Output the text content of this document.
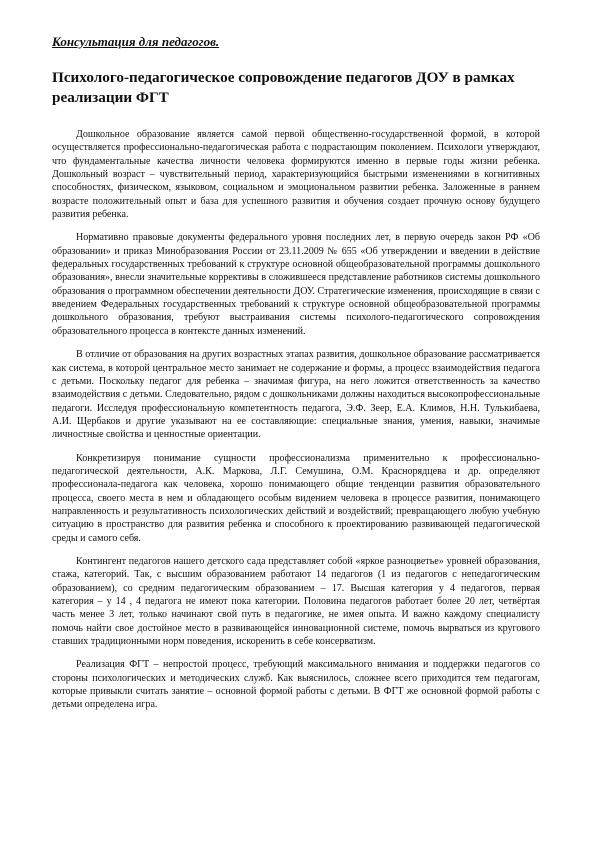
Консультация для педагогов.

Психолого-педагогическое сопровождение педагогов ДОУ в рамках реализации ФГТ

Дошкольное образование является самой первой общественно-государственной формой, в которой осуществляется профессионально-педагогическая работа с подрастающим поколением. Психологи утверждают, что фундаментальные качества личности человека формируются именно в первые годы жизни ребенка. Дошкольный возраст – чувствительный период, характеризующийся быстрыми изменениями в когнитивных способностях, физическом, языковом, социальном и эмоциональном развитии ребенка. Заложенные в раннем возрасте положительный опыт и база для успешного развития и обучения создает прочную основу будущего развития ребенка.

Нормативно правовые документы федерального уровня последних лет, в первую очередь закон РФ «Об образовании» и приказ Минобразования России от 23.11.2009 № 655 «Об утверждении и введении в действие федеральных государственных требований к структуре основной общеобразовательной программы дошкольного образования», внесли значительные коррективы в сложившееся представление работников системы дошкольного образования о программном обеспечении деятельности ДОУ. Стратегические изменения, происходящие в связи с введением Федеральных государственных требований к структуре основной общеобразовательной программы дошкольного образования, требуют выстраивания системы психолого-педагогического сопровождения образовательного процесса в контексте данных изменений.

В отличие от образования на других возрастных этапах развития, дошкольное образование рассматривается как система, в которой центральное место занимает не содержание и формы, а процесс взаимодействия педагога с детьми. Поскольку педагог для ребенка – значимая фигура, на него ложится ответственность за качество взаимодействия с детьми. Следовательно, рядом с дошкольниками должны находиться высокопрофессиональные педагоги. Исследуя профессиональную компетентность педагога, Э.Ф. Зеер, Е.А. Климов, Н.Н. Тулькибаева, А.И. Щербаков и другие указывают на ее составляющие: специальные знания, умения, навыки, значимые личностные свойства и ценностные ориентации.

Конкретизируя понимание сущности профессионализма применительно к профессионально-педагогической деятельности, А.К. Маркова, Л.Г. Семушина, О.М. Краснорядцева и др. определяют профессионала-педагога как человека, хорошо понимающего общие тенденции развития образовательного процесса, своего места в нем и обладающего особым видением человека в процессе развития, понимающего направленность и результативность психологических действий и воздействий; превращающего любую учебную ситуацию в пространство для развития ребенка и способного к проектированию развивающей педагогической среды и самого себя.

Контингент педагогов нашего детского сада представляет собой «яркое разноцветье» уровней образования, стажа, категорий. Так, с высшим образованием работают 14 педагогов (1 из педагогов с непедагогическим образованием), со средним педагогическим образованием – 17. Высшая категория у 4 педагогов, первая категория – у 14 , 4 педагога не имеют пока категории. Половина педагогов работает более 20 лет, четвёртая часть менее 3 лет, только начинают свой путь в педагогике, не имея опыта. И важно каждому специалисту помочь найти свое достойное место в развивающейся инновационной системе, помочь вырваться из кругового ставших традиционными норм поведения, искоренить в себе консерватизм.

Реализация ФГТ – непростой процесс, требующий максимального внимания и поддержки педагогов со стороны психологических и методических служб. Как выяснилось, сложнее всего приходится тем педагогам, которые привыкли считать занятие – основной формой работы с детьми. В ФГТ же основной формой работы с детьми определена игра.
